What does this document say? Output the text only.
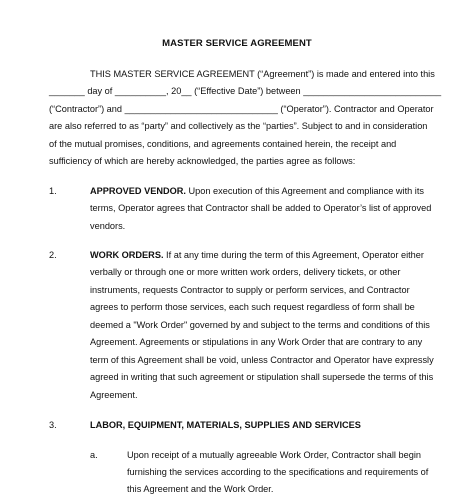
MASTER SERVICE AGREEMENT
THIS MASTER SERVICE AGREEMENT (“Agreement”) is made and entered into this
_______ day of __________, 20__ (“Effective Date”) between ___________________________
(“Contractor”) and ______________________________ (“Operator”). Contractor and Operator
are also referred to as “party” and collectively as the “parties”. Subject to and in consideration
of the mutual promises, conditions, and agreements contained herein, the receipt and
sufficiency of which are hereby acknowledged, the parties agree as follows:
1.	APPROVED VENDOR. Upon execution of this Agreement and compliance with its
terms, Operator agrees that Contractor shall be added to Operator’s list of approved
vendors.
2.	WORK ORDERS. If at any time during the term of this Agreement, Operator either
verbally or through one or more written work orders, delivery tickets, or other
instruments, requests Contractor to supply or perform services, and Contractor
agrees to perform those services, each such request regardless of form shall be
deemed a "Work Order" governed by and subject to the terms and conditions of this
Agreement. Agreements or stipulations in any Work Order that are contrary to any
term of this Agreement shall be void, unless Contractor and Operator have expressly
agreed in writing that such agreement or stipulation shall supersede the terms of this
Agreement.
3.	LABOR, EQUIPMENT, MATERIALS, SUPPLIES AND SERVICES
a.	Upon receipt of a mutually agreeable Work Order, Contractor shall begin
furnishing the services according to the specifications and requirements of
this Agreement and the Work Order.
